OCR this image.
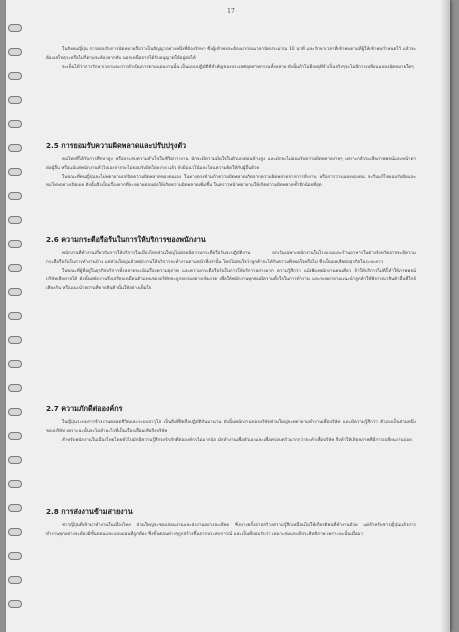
17

ในสังคมญี่ปุ่น การตอบรับการนัดหมายถือว่าเป็นสัญญาอย่างหนึ่งที่ต้องรักษา ซึ่งผู้เข้าพบจะต้องมาก่อนเวลานัดประมาณ 10 นาที และรักษาเวลาที่เข้าพบตามที่ผู้ให้เข้าพบกำหนดไว้ แล้วจะต้องเสร็จธุระหรือไม่กี่ตามจะต้องลากลับ นอกเหนือจากได้รับอนุญาตให้อยู่ต่อได้

จะเห็นได้ว่าการรักษาเวลาและการดำเนินการตามแผนงานนั้น เป็นแบบปฏิบัติที่สำคัญของประเทศอุตสาหกรรมทั้งหลาย ดังนั้นถ้าไม่มีเหตุที่จำเป็นจริงๆจะไม่มีการเปลี่ยนแปลงนัดหมายใดๆ

2.5 การยอมรับความผิดพลาดและปรับปรุงตัว

คนไทยที่ได้รับการศึกษาสูง หรือประสบความสำเร็จในชีวิตการงาน มักจะมีความมั่นใจในตัวเองค่อนข้างสูง และมักจะไม่ยอมรับความผิดพลาดง่ายๆ เพราะกลัวจะเสียภาพพจน์และหน้าตาต่อผู้อื่น หรือแม้แต่พนักงานทั่วไปเองจากจะไม่ยอมรับผิดโดยง่าย แล้ว ยังมีแนวโน้มจะโยนความผิดให้กับผู้อื่นด้วย

ในขณะที่คนญี่ปุ่นจะไม่พยายามปกปิดความผิดพลาดของตนเอง ในทางตรงข้ามถ้าความผิดพลาดเกิดจากความผิดพลาดจากการสั่งงาน หรือการวางแผนของตน จะรีบแก้ไขยอมรับผิดและขอโทษอย่างเปิดเผย ดังนั้นจึงเป็นเรื่องยากที่จะขยายตอนต่อให้เกิดความผิดพลาดเพิ่มขึ้น ในคราวหน้าพยายามให้เกิดความผิดพลาดซ้ำอีกน้อยที่สุด

2.6 ความกระตือรือร้นในการให้บริการของพนักงาน

พนักงานที่ทำงานเกี่ยวกับการให้บริการในเมืองไทยส่วนใหญ่ไม่ค่อยมีความกระตือรือร้นจะปฏิบัติงาน ยกเว้นเฉพาะพนักงานในโรงแรมและร้านอาหารในต่างจังหวัดอาจจะมีความกระตือรือร้นในการทำงานบ้าง แต่ส่วนใหญ่แล้วพนักงานให้บริการจะทำงานตามหน้าที่เท่านั้น โดยไม่สนใจว่าลูกค้าจะได้รับความพึงพอใจหรือไม่ ซึ่งเป็นผลเสียต่อธุรกิจในระยะยาว

ในขณะที่ผู้ที่อยู่ในธุรกิจบริการทั้งหลายจะเน้นเรื่องความสุภาพ และความกระตือรือร้นในการให้บริการอย่างมาก ความรู้สึกว่า แม้เพียงพนักงานคนเดียว ถ้าให้บริการไม่ดีก็ทำให้ภาพพจน์บริษัทเสียหายได้ ดังนั้นพนักงานจึงเปรียบเหมือนตัวแทนของบริษัทจะถูกอบรมอย่างเข้มงวด เพื่อให้พนักงานทุกคนมีความตั้งใจในการทำงาน และจะพยายามแนะนำลูกค้าให้พิจารณาสินค้าอื่นที่ใกล้เคียงกัน หรือแนะนำสถานที่ขายสินค้านั้นให้อย่างเต็มใจ

2.7 ความภักดีต่อองค์กร

ในญี่ปุ่นระบบการจ้างงานตลอดชีวิตและระบบอาวุโส เป็นสิ่งที่ยึดถือปฏิบัติกันมานาน ดังนั้นพนักงานของบริษัทส่วนใหญ่จะพยายามทำงานเพื่อบริษัท และมีความรู้สึกว่า ตัวเองเป็นส่วนหนึ่งของบริษัท เพราะฉะนั้นจะไม่ทำอะไรที่เป็นเรื่องเสื่อมเสียถึงบริษัท

สำหรับพนักงานในเมืองไทยโดยทั่วไปมักมีความรู้สึกจงรักภักดีต่อองค์กรไม่มากนัก มักทำงานเพื่อตัวเองและเพื่อครอบครัวมากกว่าจะทำเพื่อบริษัท จึงทำให้เกิดสภาพที่มีการเปลี่ยนงานบ่อย

2.8 การส่งงานข้ามสายงาน

ชาวญี่ปุ่นที่เข้ามาทำงานในเมืองไทย ส่วนใหญ่จะชอบสอนงานและส่งงานอย่างละเอียด ซึ่งบางครั้งอาจสร้างความรู้สึกเหมือนไม่ให้เกียรติคนที่ทำงานด้วย แต่สำหรับชาวญี่ปุ่นแล้วการทำงานทุกอย่างจะต้องมีขั้นตอนและแบบแผนที่ถูกต้อง ซึ่งขั้นตอนต่างๆถูกสร้างขึ้นจากประสบการณ์ และเป็นที่ยอมรับว่า เหมาะสมและมีประสิทธิภาพ เพราะฉะนั้นเมื่อมา
